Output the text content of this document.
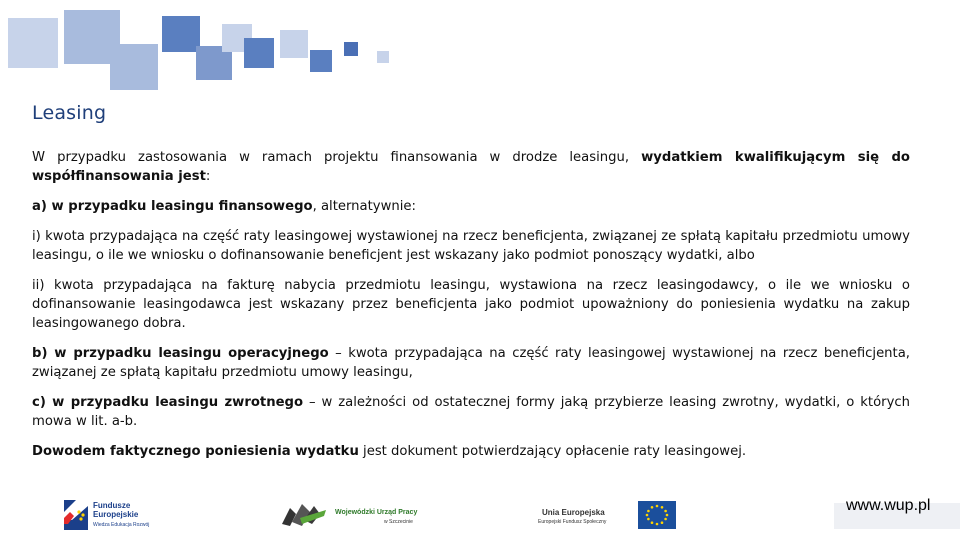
Leasing

W przypadku zastosowania w ramach projektu finansowania w drodze leasingu, wydatkiem kwalifikującym się do współfinansowania jest:

a) w przypadku leasingu finansowego, alternatywnie:

i) kwota przypadająca na część raty leasingowej wystawionej na rzecz beneficjenta, związanej ze spłatą kapitału przedmiotu umowy leasingu, o ile we wniosku o dofinansowanie beneficjent jest wskazany jako podmiot ponoszący wydatki, albo

ii) kwota przypadająca na fakturę nabycia przedmiotu leasingu, wystawiona na rzecz leasingodawcy, o ile we wniosku o dofinansowanie leasingodawca jest wskazany przez beneficjenta jako podmiot upoważniony do poniesienia wydatku na zakup leasingowanego dobra.

b) w przypadku leasingu operacyjnego – kwota przypadająca na część raty leasingowej wystawionej na rzecz beneficjenta, związanej ze spłatą kapitału przedmiotu umowy leasingu,

c) w przypadku leasingu zwrotnego – w zależności od ostatecznej formy jaką przybierze leasing zwrotny, wydatki, o których mowa w lit. a-b.

Dowodem faktycznego poniesienia wydatku jest dokument potwierdzający opłacenie raty leasingowej.

Fundusze
Europejskie
Wiedza Edukacja Rozwój
Wojewódzki Urząd Pracy
w Szczecinie
Unia Europejska
Europejski Fundusz Społeczny
www.wup.pl
